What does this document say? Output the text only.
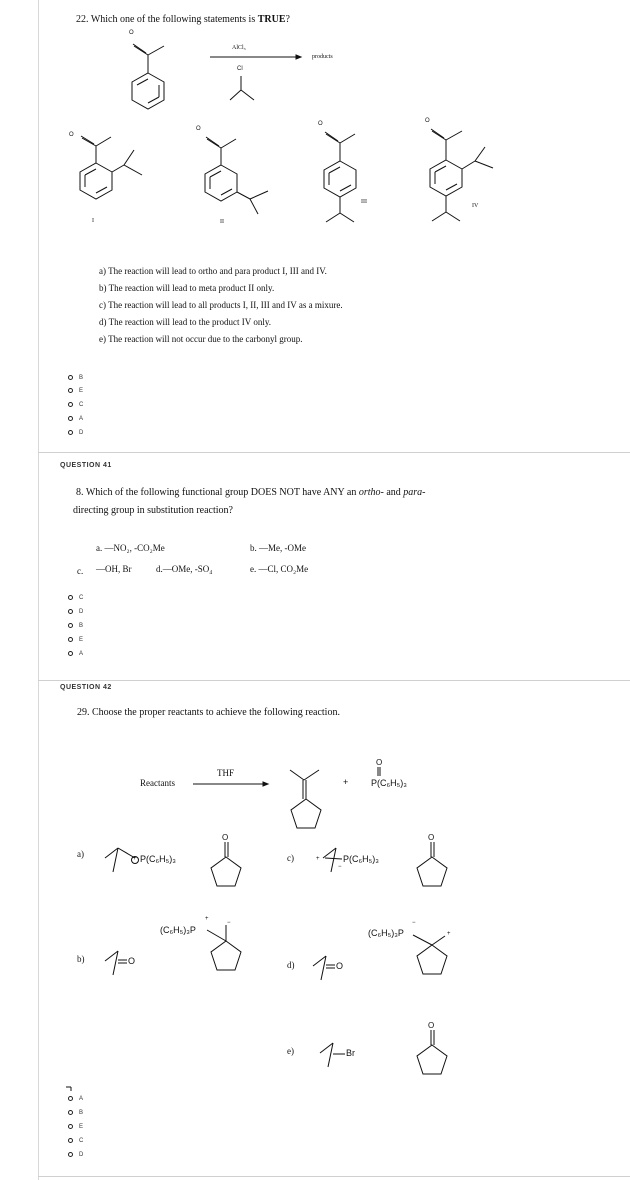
22. Which one of the following statements is TRUE?
O
AlCl₃
Cl
products
O
O
O	O
I	II
III
IV
a) The reaction will lead to ortho and para product I, III and IV.
b) The reaction will lead to meta product II only.
c) The reaction will lead to all products I, II, III and IV as a mixure.
d) The reaction will lead to the product IV only.
e) The reaction will not occur due to the carbonyl group.
B
E
C
A
D
QUESTION 41
8. Which of the following functional group DOES NOT have ANY an ortho- and para-
directing group in substitution reaction?
a. —NO₂, -CO₂Me	b. —Me, -OMe
c. —OH, Br	d.—OMe, -SO₄	e. —Cl, CO₂Me
C
D
B
E
A
QUESTION 42
29. Choose the proper reactants to achieve the following reaction.
Reactants
THF
+
O
P(C₆H₅)₃
a)	+ P(C₆H₅)₃
O
c)	+	P(C₆H₅)₃
−
O
(C₆H₅)₃P
+
−
(C₆H₅)₃P
−
+
b)	O	d)	O
e)	Br
O
A
B
E
C
D
